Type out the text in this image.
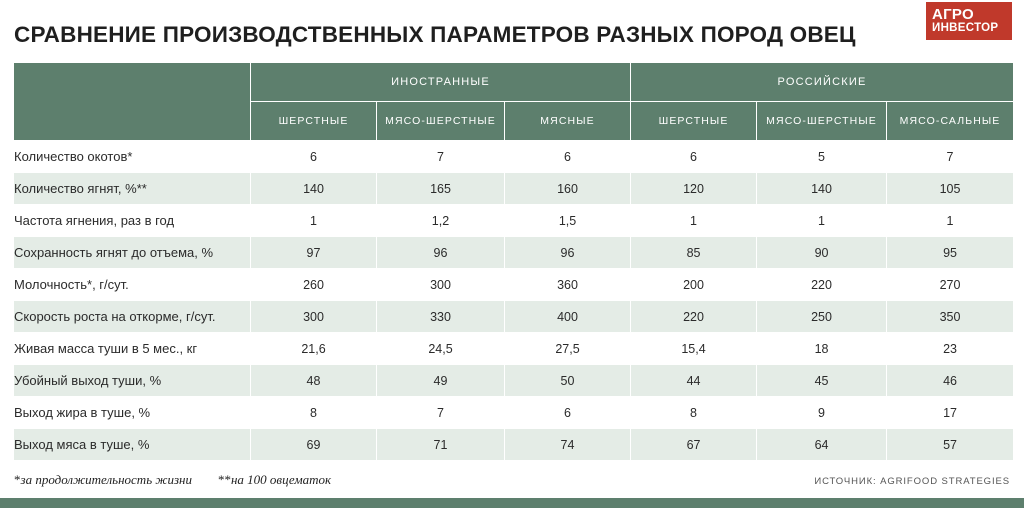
СРАВНЕНИЕ ПРОИЗВОДСТВЕННЫХ ПАРАМЕТРОВ РАЗНЫХ ПОРОД ОВЕЦ
АГРО
ИНВЕСТОР
	ИНОСТРАННЫЕ			РОССИЙСКИЕ		
	ШЕРСТНЫЕ	МЯСО-ШЕРСТНЫЕ	МЯСНЫЕ	ШЕРСТНЫЕ	МЯСО-ШЕРСТНЫЕ	МЯСО-САЛЬНЫЕ
Количество окотов*	6	7	6	6	5	7
Количество ягнят, %**	140	165	160	120	140	105
Частота ягнения, раз в год	1	1,2	1,5	1	1	1
Сохранность ягнят до отъема, %	97	96	96	85	90	95
Молочность*, г/сут.	260	300	360	200	220	270
Скорость роста на откорме, г/сут.	300	330	400	220	250	350
Живая масса туши в 5 мес., кг	21,6	24,5	27,5	15,4	18	23
Убойный выход туши, %	48	49	50	44	45	46
Выход жира в туше, %	8	7	6	8	9	17
Выход мяса в туше, %	69	71	74	67	64	57
*за продолжительность жизни **на 100 овцематок	ИСТОЧНИК: AGRIFOOD STRATEGIES
